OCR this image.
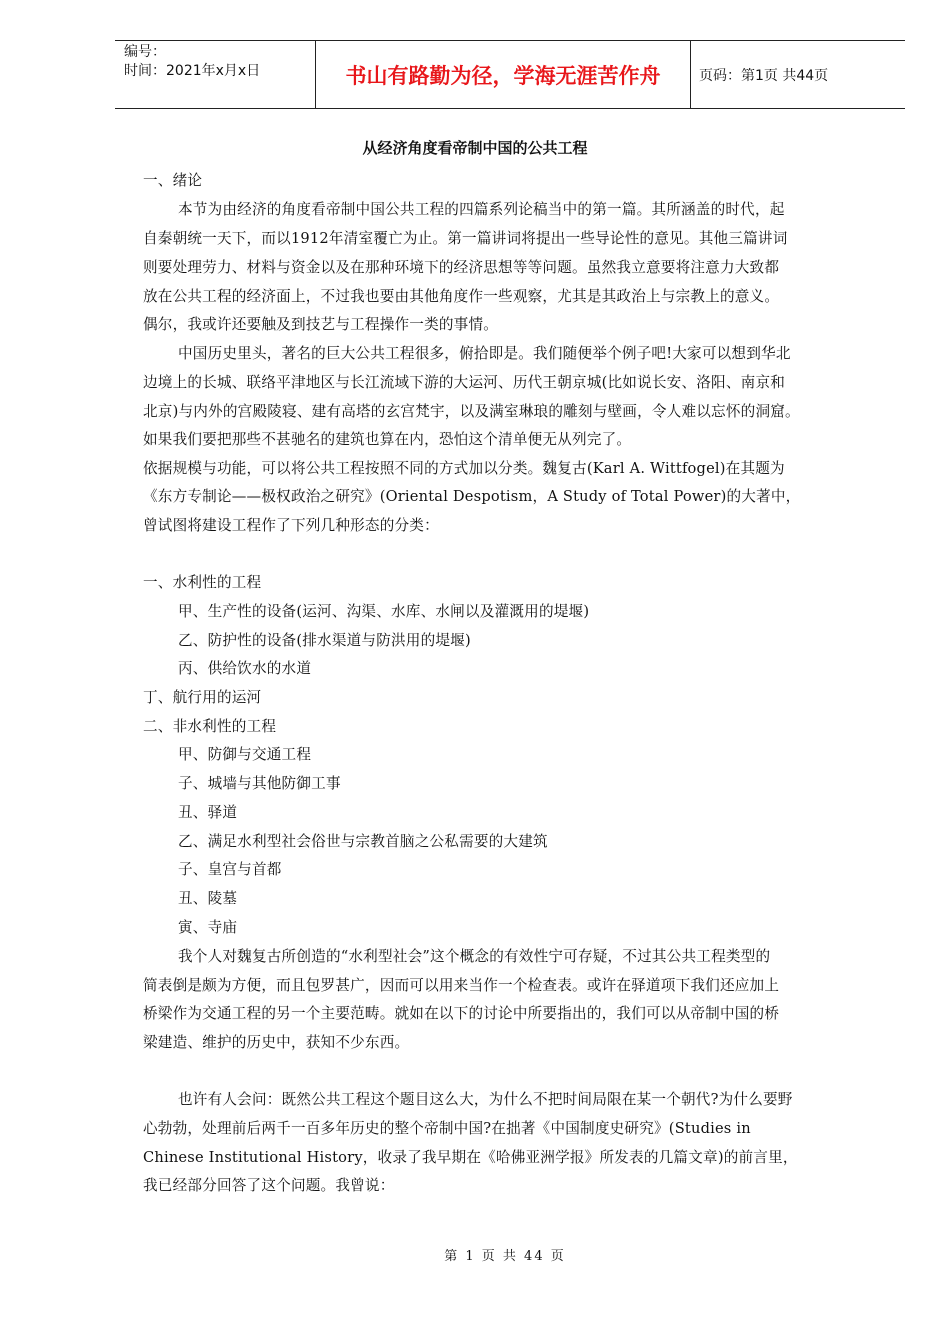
编号：
时间：2021年x月x日	书山有路勤为径，学海无涯苦作舟	页码：第1页 共44页
从经济角度看帝制中国的公共工程
一、绪论
本节为由经济的角度看帝制中国公共工程的四篇系列论稿当中的第一篇。其所涵盖的时代，起
自秦朝统一天下，而以1912年清室覆亡为止。第一篇讲词将提出一些导论性的意见。其他三篇讲词
则要处理劳力、材料与资金以及在那种环境下的经济思想等等问题。虽然我立意要将注意力大致都
放在公共工程的经济面上，不过我也要由其他角度作一些观察，尤其是其政治上与宗教上的意义。
偶尔，我或许还要触及到技艺与工程操作一类的事情。
中国历史里头，著名的巨大公共工程很多，俯拾即是。我们随便举个例子吧!大家可以想到华北
边境上的长城、联络平津地区与长江流域下游的大运河、历代王朝京城(比如说长安、洛阳、南京和
北京)与内外的宫殿陵寝、建有高塔的玄宫梵宇，以及满室琳琅的雕刻与壁画，令人难以忘怀的洞窟。
如果我们要把那些不甚驰名的建筑也算在内，恐怕这个清单便无从列完了。
依据规模与功能，可以将公共工程按照不同的方式加以分类。魏复古(Karl A. Wittfogel)在其题为
《东方专制论——极权政治之研究》(Oriental Despotism，A Study of Total Power)的大著中，
曾试图将建设工程作了下列几种形态的分类：
一、水利性的工程
甲、生产性的设备(运河、沟渠、水库、水闸以及灌溉用的堤堰)
乙、防护性的设备(排水渠道与防洪用的堤堰)
丙、供给饮水的水道
丁、航行用的运河
二、非水利性的工程
甲、防御与交通工程
子、城墙与其他防御工事
丑、驿道
乙、满足水利型社会俗世与宗教首脑之公私需要的大建筑
子、皇宫与首都
丑、陵墓
寅、寺庙
我个人对魏复古所创造的“水利型社会”这个概念的有效性宁可存疑，不过其公共工程类型的
简表倒是颇为方便，而且包罗甚广，因而可以用来当作一个检查表。或许在驿道项下我们还应加上
桥梁作为交通工程的另一个主要范畴。就如在以下的讨论中所要指出的，我们可以从帝制中国的桥
梁建造、维护的历史中，获知不少东西。
也许有人会问：既然公共工程这个题目这么大，为什么不把时间局限在某一个朝代?为什么要野
心勃勃，处理前后两千一百多年历史的整个帝制中国?在拙著《中国制度史研究》(Studies in
Chinese Institutional History，收录了我早期在《哈佛亚洲学报》所发表的几篇文章)的前言里，
我已经部分回答了这个问题。我曾说：
第 1 页 共 44 页
